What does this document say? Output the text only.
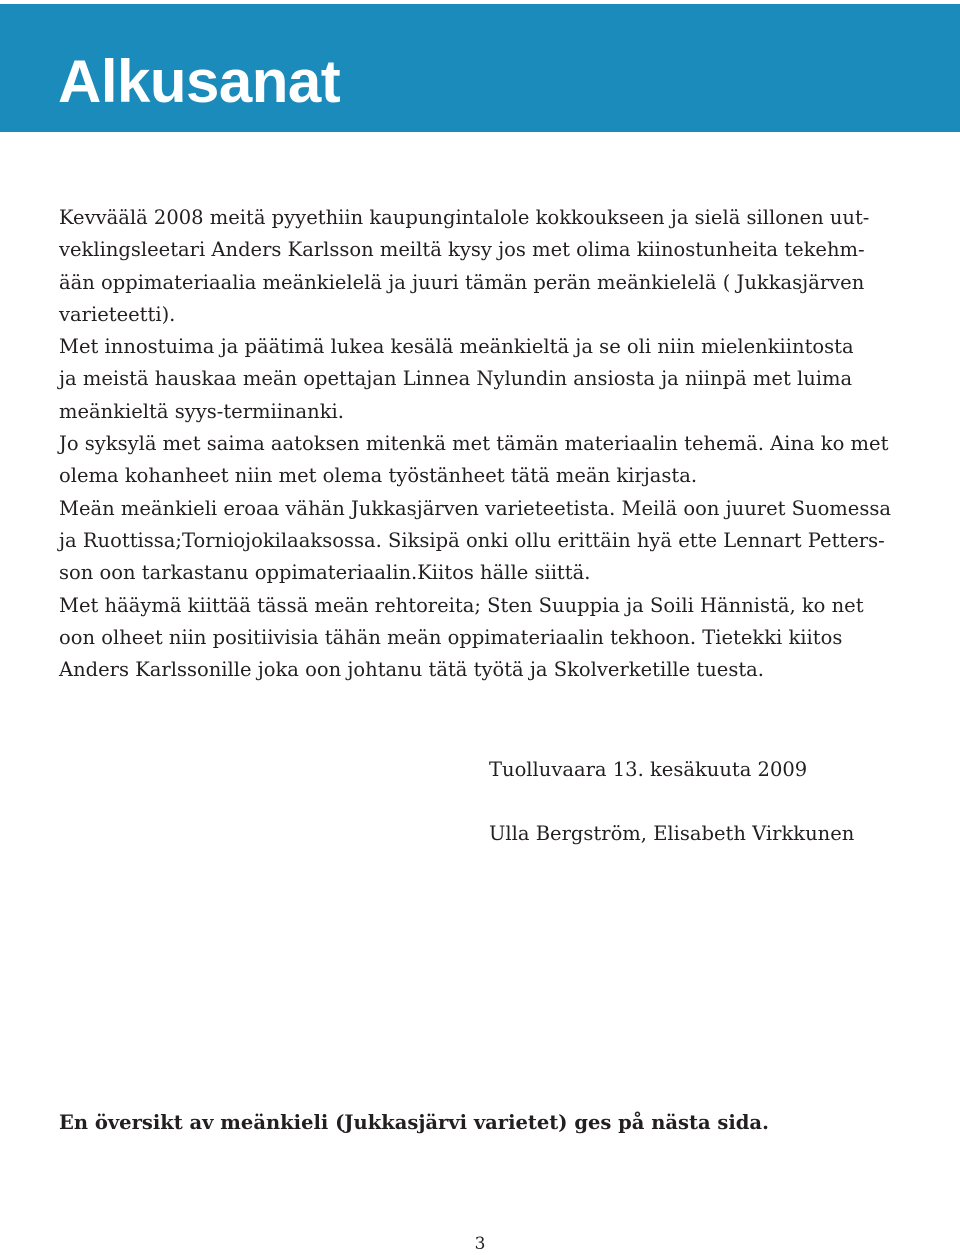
Alkusanat
Kevväälä 2008 meitä pyyethiin kaupungintalole kokkoukseen ja sielä sillonen uut-
veklingsleetari Anders Karlsson meiltä kysy jos met olima kiinostunheita tekehm-
ään oppimateriaalia meänkielelä ja juuri tämän perän meänkielelä ( Jukkasjärven
varieteetti).
Met innostuima ja päätimä lukea kesälä meänkieltä ja se oli niin mielenkiintosta
ja meistä hauskaa meän opettajan Linnea Nylundin ansiosta ja niinpä met luima
meänkieltä syys-termiinanki.
Jo syksylä met saima aatoksen mitenkä met tämän materiaalin tehemä. Aina ko met
olema kohanheet niin met olema työstänheet tätä meän kirjasta.
Meän meänkieli eroaa vähän Jukkasjärven varieteetista. Meilä oon juuret Suomessa
ja Ruottissa;Torniojokilaaksossa. Siksipä onki ollu erittäin hyä ette Lennart Petters-
son oon tarkastanu oppimateriaalin.Kiitos hälle siittä.
Met hääymä kiittää tässä meän rehtoreita; Sten Suuppia ja Soili Hännistä, ko net
oon olheet niin positiivisia tähän meän oppimateriaalin tekhoon. Tietekki kiitos
Anders Karlssonille joka oon johtanu tätä työtä ja Skolverketille tuesta.
Tuolluvaara 13. kesäkuuta 2009
Ulla Bergström, Elisabeth Virkkunen
En översikt av meänkieli (Jukkasjärvi varietet) ges på nästa sida.
3
